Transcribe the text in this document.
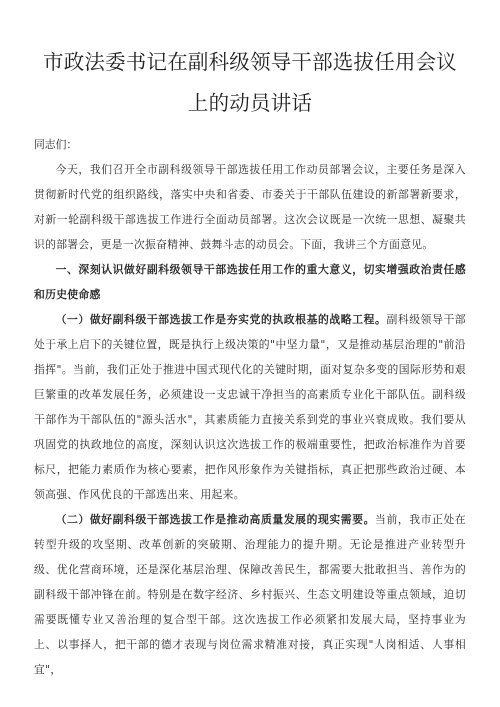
市政法委书记在副科级领导干部选拔任用会议上的动员讲话

同志们：

今天，我们召开全市副科级领导干部选拔任用工作动员部署会议，主要任务是深入贯彻新时代党的组织路线，落实中央和省委、市委关于干部队伍建设的新部署新要求，对新一轮副科级干部选拔工作进行全面动员部署。这次会议既是一次统一思想、凝聚共识的部署会，更是一次振奋精神、鼓舞斗志的动员会。下面，我讲三个方面意见。

一、深刻认识做好副科级领导干部选拔任用工作的重大意义，切实增强政治责任感和历史使命感

（一）做好副科级干部选拔工作是夯实党的执政根基的战略工程。副科级领导干部处于承上启下的关键位置，既是执行上级决策的"中坚力量"，又是推动基层治理的"前沿指挥"。当前，我们正处于推进中国式现代化的关键时期，面对复杂多变的国际形势和艰巨繁重的改革发展任务，必须建设一支忠诚干净担当的高素质专业化干部队伍。副科级干部作为干部队伍的"源头活水"，其素质能力直接关系到党的事业兴衰成败。我们要从巩固党的执政地位的高度，深刻认识这次选拔工作的极端重要性，把政治标准作为首要标尺，把能力素质作为核心要素，把作风形象作为关键指标，真正把那些政治过硬、本领高强、作风优良的干部选出来、用起来。

（二）做好副科级干部选拔工作是推动高质量发展的现实需要。当前，我市正处在转型升级的攻坚期、改革创新的突破期、治理能力的提升期。无论是推进产业转型升级、优化营商环境，还是深化基层治理、保障改善民生，都需要大批敢担当、善作为的副科级干部冲锋在前。特别是在数字经济、乡村振兴、生态文明建设等重点领域，迫切需要既懂专业又善治理的复合型干部。这次选拔工作必须紧扣发展大局，坚持事业为上、以事择人，把干部的德才表现与岗位需求精准对接，真正实现"人岗相适、人事相宜"，
